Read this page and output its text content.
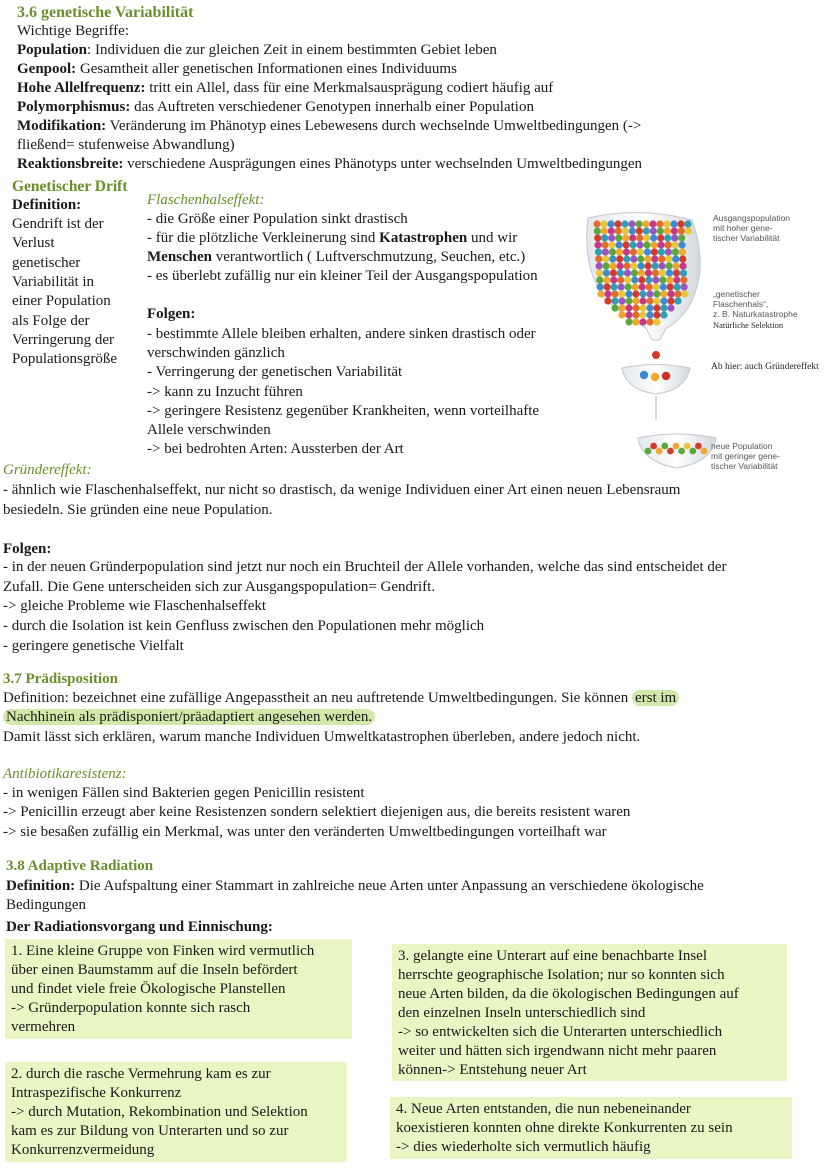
3.6 genetische Variabilität
Wichtige Begriffe:
Population: Individuen die zur gleichen Zeit in einem bestimmten Gebiet leben
Genpool: Gesamtheit aller genetischen Informationen eines Individuums
Hohe Allelfrequenz: tritt ein Allel, dass für eine Merkmalsausprägung codiert häufig auf
Polymorphismus: das Auftreten verschiedener Genotypen innerhalb einer Population
Modifikation: Veränderung im Phänotyp eines Lebewesens durch wechselnde Umweltbedingungen (->
fließend= stufenweise Abwandlung)
Reaktionsbreite: verschiedene Ausprägungen eines Phänotyps unter wechselnden Umweltbedingungen
Genetischer Drift
Definition:
Gendrift ist der
Verlust
genetischer
Variabilität in
einer Population
als Folge der
Verringerung der
Populationsgröße
Flaschenhalseffekt:
- die Größe einer Population sinkt drastisch
- für die plötzliche Verkleinerung sind Katastrophen und wir
Menschen verantwortlich ( Luftverschmutzung, Seuchen, etc.)
- es überlebt zufällig nur ein kleiner Teil der Ausgangspopulation
Folgen:
- bestimmte Allele bleiben erhalten, andere sinken drastisch oder
verschwinden gänzlich
- Verringerung der genetischen Variabilität
-> kann zu Inzucht führen
-> geringere Resistenz gegenüber Krankheiten, wenn vorteilhafte
Allele verschwinden
-> bei bedrohten Arten: Aussterben der Art
Ausgangspopulation
mit hoher gene-
tischer Variabilität
„genetischer
Flaschenhals“,
z. B. Naturkatastrophe
Natürliche Selektion
Ab hier: auch Gründereffekt
neue Population
mit geringer gene-
tischer Variabilität
Gründereffekt:
- ähnlich wie Flaschenhalseffekt, nur nicht so drastisch, da wenige Individuen einer Art einen neuen Lebensraum
besiedeln. Sie gründen eine neue Population.
Folgen:
- in der neuen Gründerpopulation sind jetzt nur noch ein Bruchteil der Allele vorhanden, welche das sind entscheidet der
Zufall. Die Gene unterscheiden sich zur Ausgangspopulation= Gendrift.
-> gleiche Probleme wie Flaschenhalseffekt
- durch die Isolation ist kein Genfluss zwischen den Populationen mehr möglich
- geringere genetische Vielfalt
3.7 Prädisposition
Definition: bezeichnet eine zufällige Angepasstheit an neu auftretende Umweltbedingungen. Sie können erst im
Nachhinein als prädisponiert/präadaptiert angesehen werden.
Damit lässt sich erklären, warum manche Individuen Umweltkatastrophen überleben, andere jedoch nicht.
Antibiotikaresistenz:
- in wenigen Fällen sind Bakterien gegen Penicillin resistent
-> Penicillin erzeugt aber keine Resistenzen sondern selektiert diejenigen aus, die bereits resistent waren
-> sie besaßen zufällig ein Merkmal, was unter den veränderten Umweltbedingungen vorteilhaft war
3.8 Adaptive Radiation
Definition: Die Aufspaltung einer Stammart in zahlreiche neue Arten unter Anpassung an verschiedene ökologische
Bedingungen
Der Radiationsvorgang und Einnischung:
1. Eine kleine Gruppe von Finken wird vermutlich
über einen Baumstamm auf die Inseln befördert
und findet viele freie Ökologische Planstellen
-> Gründerpopulation konnte sich rasch
vermehren
2. durch die rasche Vermehrung kam es zur
Intraspezifische Konkurrenz
-> durch Mutation, Rekombination und Selektion
kam es zur Bildung von Unterarten und so zur
Konkurrenzvermeidung
3. gelangte eine Unterart auf eine benachbarte Insel
herrschte geographische Isolation; nur so konnten sich
neue Arten bilden, da die ökologischen Bedingungen auf
den einzelnen Inseln unterschiedlich sind
-> so entwickelten sich die Unterarten unterschiedlich
weiter und hätten sich irgendwann nicht mehr paaren
können-> Entstehung neuer Art
4. Neue Arten entstanden, die nun nebeneinander
koexistieren konnten ohne direkte Konkurrenten zu sein
-> dies wiederholte sich vermutlich häufig
